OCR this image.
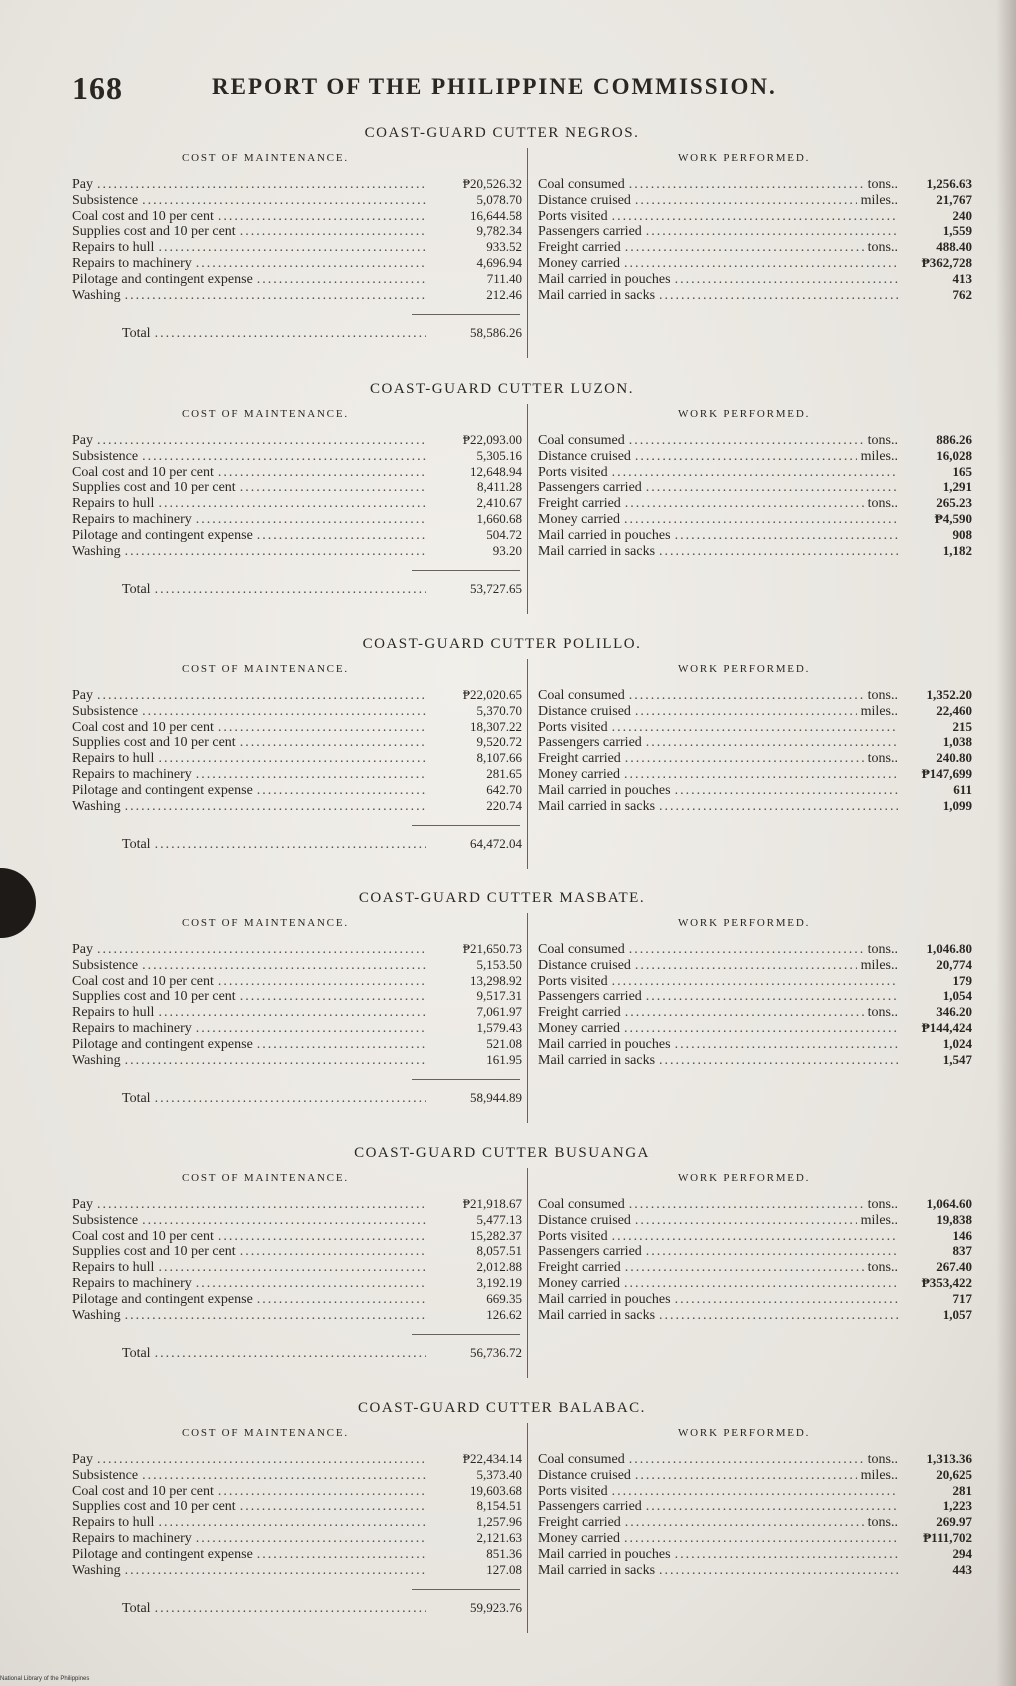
168	REPORT OF THE PHILIPPINE COMMISSION.
COAST-GUARD CUTTER NEGROS.
COST OF MAINTENANCE.
Pay .....	₱20,526.32
Subsistence .....	5,078.70
Coal cost and 10 per cent .....	16,644.58
Supplies cost and 10 per cent .....	9,782.34
Repairs to hull .....	933.52
Repairs to machinery .....	4,696.94
Pilotage and contingent expense .....	711.40
Washing .....	212.46
Total .....	58,586.26
WORK PERFORMED.
Coal consumed .....	tons..	1,256.63
Distance cruised .....	miles..	21,767
Ports visited .....	240
Passengers carried .....	1,559
Freight carried .....	tons..	488.40
Money carried .....	₱362,728
Mail carried in pouches .....	413
Mail carried in sacks .....	762
COAST-GUARD CUTTER LUZON.
COST OF MAINTENANCE.
Pay .....	₱22,093.00
Subsistence .....	5,305.16
Coal cost and 10 per cent .....	12,648.94
Supplies cost and 10 per cent .....	8,411.28
Repairs to hull .....	2,410.67
Repairs to machinery .....	1,660.68
Pilotage and contingent expense .....	504.72
Washing .....	93.20
Total .....	53,727.65
WORK PERFORMED.
Coal consumed .....	tons..	886.26
Distance cruised .....	miles..	16,028
Ports visited .....	165
Passengers carried .....	1,291
Freight carried .....	tons..	265.23
Money carried .....	₱4,590
Mail carried in pouches .....	908
Mail carried in sacks .....	1,182
COAST-GUARD CUTTER POLILLO.
COST OF MAINTENANCE.
Pay .....	₱22,020.65
Subsistence .....	5,370.70
Coal cost and 10 per cent .....	18,307.22
Supplies cost and 10 per cent .....	9,520.72
Repairs to hull .....	8,107.66
Repairs to machinery .....	281.65
Pilotage and contingent expense .....	642.70
Washing .....	220.74
Total .....	64,472.04
WORK PERFORMED.
Coal consumed .....	tons..	1,352.20
Distance cruised .....	miles..	22,460
Ports visited .....	215
Passengers carried .....	1,038
Freight carried .....	tons..	240.80
Money carried .....	₱147,699
Mail carried in pouches .....	611
Mail carried in sacks .....	1,099
COAST-GUARD CUTTER MASBATE.
COST OF MAINTENANCE.
Pay .....	₱21,650.73
Subsistence .....	5,153.50
Coal cost and 10 per cent .....	13,298.92
Supplies cost and 10 per cent .....	9,517.31
Repairs to hull .....	7,061.97
Repairs to machinery .....	1,579.43
Pilotage and contingent expense .....	521.08
Washing .....	161.95
Total .....	58,944.89
WORK PERFORMED.
Coal consumed .....	tons..	1,046.80
Distance cruised .....	miles..	20,774
Ports visited .....	179
Passengers carried .....	1,054
Freight carried .....	tons..	346.20
Money carried .....	₱144,424
Mail carried in pouches .....	1,024
Mail carried in sacks .....	1,547
COAST-GUARD CUTTER BUSUANGA
COST OF MAINTENANCE.
Pay .....	₱21,918.67
Subsistence .....	5,477.13
Coal cost and 10 per cent .....	15,282.37
Supplies cost and 10 per cent .....	8,057.51
Repairs to hull .....	2,012.88
Repairs to machinery .....	3,192.19
Pilotage and contingent expense .....	669.35
Washing .....	126.62
Total .....	56,736.72
WORK PERFORMED.
Coal consumed .....	tons..	1,064.60
Distance cruised .....	miles..	19,838
Ports visited .....	146
Passengers carried .....	837
Freight carried .....	tons..	267.40
Money carried .....	₱353,422
Mail carried in pouches .....	717
Mail carried in sacks .....	1,057
COAST-GUARD CUTTER BALABAC.
COST OF MAINTENANCE.
Pay .....	₱22,434.14
Subsistence .....	5,373.40
Coal cost and 10 per cent .....	19,603.68
Supplies cost and 10 per cent .....	8,154.51
Repairs to hull .....	1,257.96
Repairs to machinery .....	2,121.63
Pilotage and contingent expense .....	851.36
Washing .....	127.08
Total .....	59,923.76
WORK PERFORMED.
Coal consumed .....	tons..	1,313.36
Distance cruised .....	miles..	20,625
Ports visited .....	281
Passengers carried .....	1,223
Freight carried .....	tons..	269.97
Money carried .....	₱111,702
Mail carried in pouches .....	294
Mail carried in sacks .....	443
National Library of the Philippines
